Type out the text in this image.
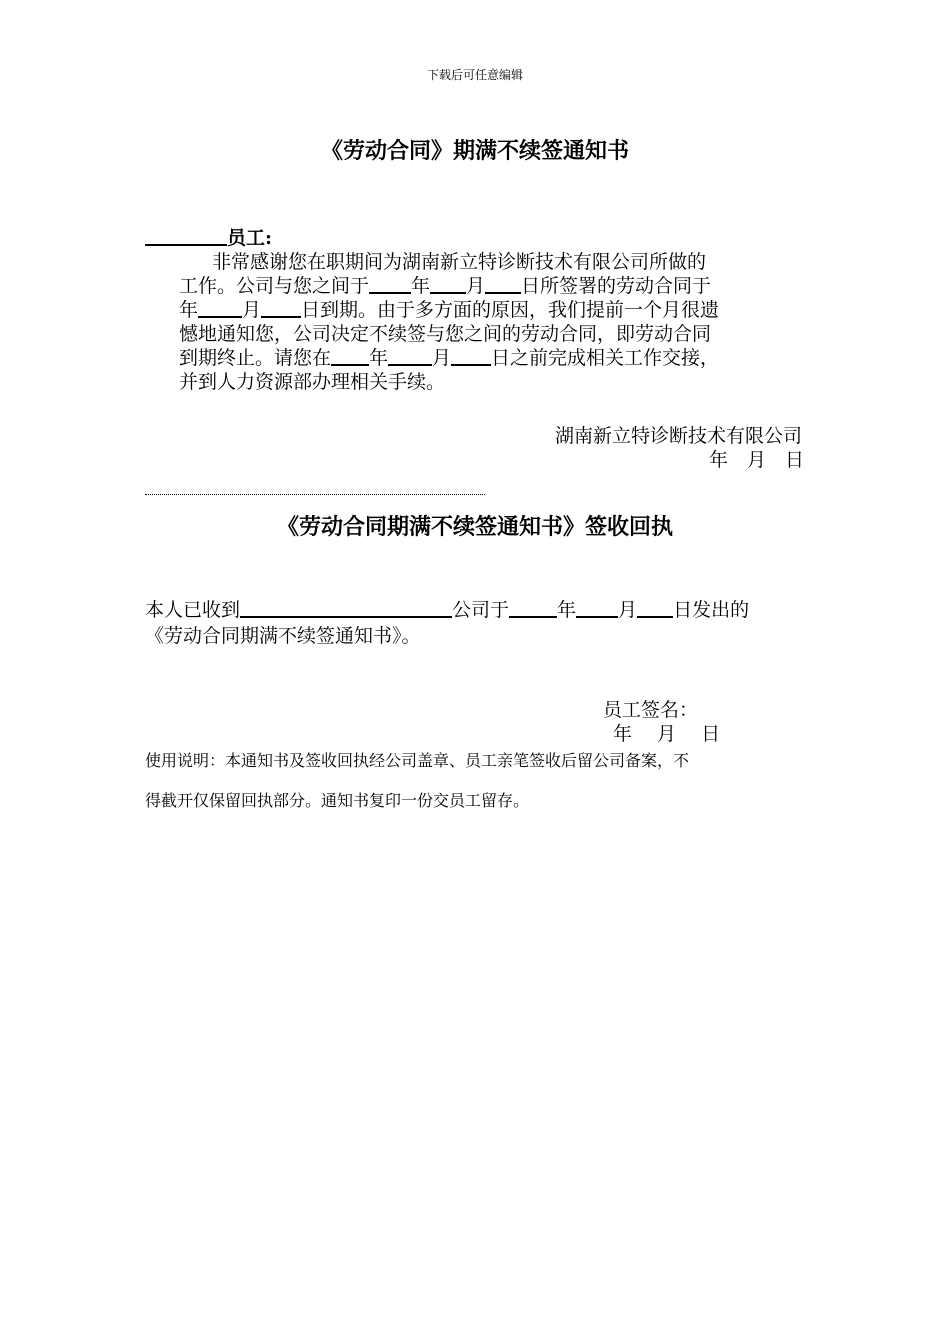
下载后可任意编辑
《劳动合同》期满不续签通知书
员工:
非常感谢您在职期间为湖南新立特诊断技术有限公司所做的
工作。公司与您之间于 年 月 日所签署的劳动合同于
年 月 日到期。由于多方面的原因，我们提前一个月很遗
憾地通知您，公司决定不续签与您之间的劳动合同，即劳动合同
到期终止。请您在 年 月 日之前完成相关工作交接，
并到人力资源部办理相关手续。
湖南新立特诊断技术有限公司
年　月　日
《劳动合同期满不续签通知书》签收回执
本人已收到	公司于	年 月 日发出的
《劳动合同期满不续签通知书》。
员工签名：
年　 月　 日
使用说明：本通知书及签收回执经公司盖章、员工亲笔签收后留公司备案，不
得截开仅保留回执部分。通知书复印一份交员工留存。
